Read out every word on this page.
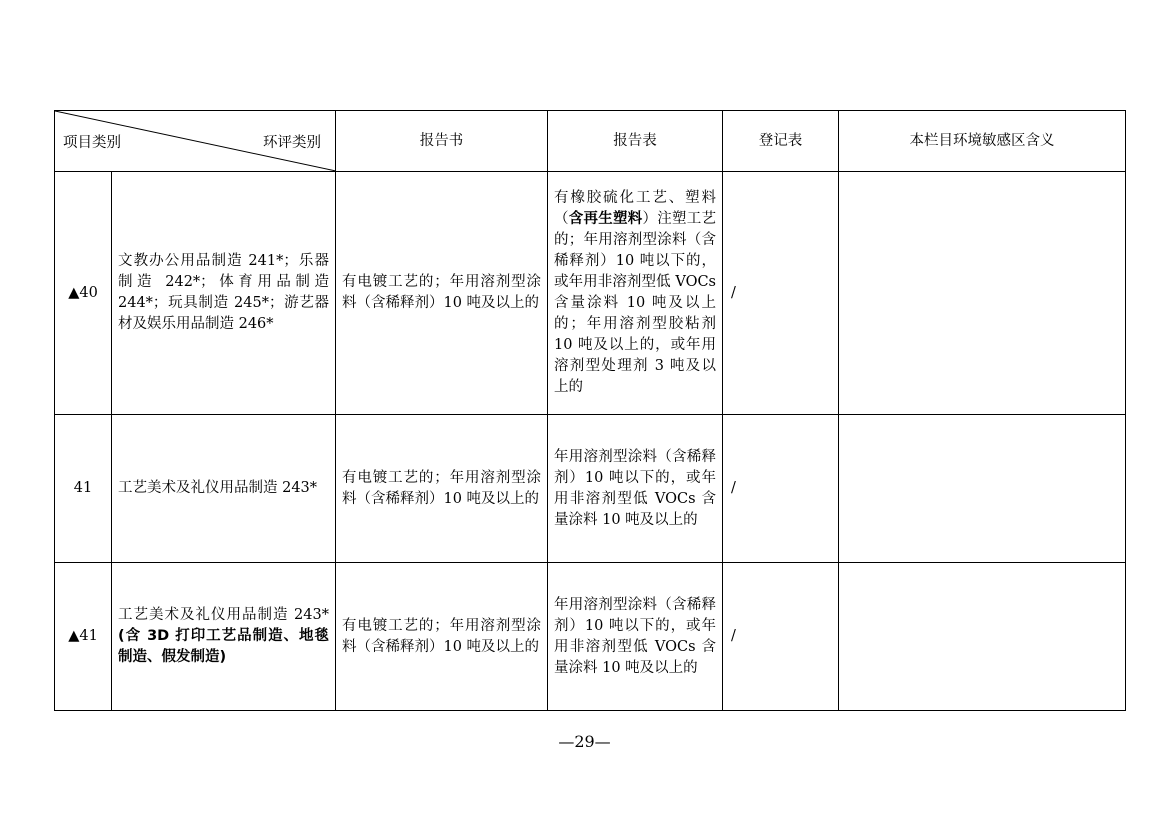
项目类别 环评类别		报告书	报告表	登记表	本栏目环境敏感区含义
▲40	文教办公用品制造 241*；乐器制造 242*；体育用品制造 244*；玩具制造 245*；游艺器材及娱乐用品制造 246*	有电镀工艺的；年用溶剂型涂料（含稀释剂）10 吨及以上的	有橡胶硫化工艺、塑料（含再生塑料）注塑工艺的；年用溶剂型涂料（含稀释剂）10 吨以下的，或年用非溶剂型低 VOCs 含量涂料 10 吨及以上的；年用溶剂型胶粘剂 10 吨及以上的，或年用溶剂型处理剂 3 吨及以上的	/	
41	工艺美术及礼仪用品制造 243*	有电镀工艺的；年用溶剂型涂料（含稀释剂）10 吨及以上的	年用溶剂型涂料（含稀释剂）10 吨以下的，或年用非溶剂型低 VOCs 含量涂料 10 吨及以上的	/	
▲41	工艺美术及礼仪用品制造 243*(含 3D 打印工艺品制造、地毯制造、假发制造)	有电镀工艺的；年用溶剂型涂料（含稀释剂）10 吨及以上的	年用溶剂型涂料（含稀释剂）10 吨以下的，或年用非溶剂型低 VOCs 含量涂料 10 吨及以上的	/	
—29—
